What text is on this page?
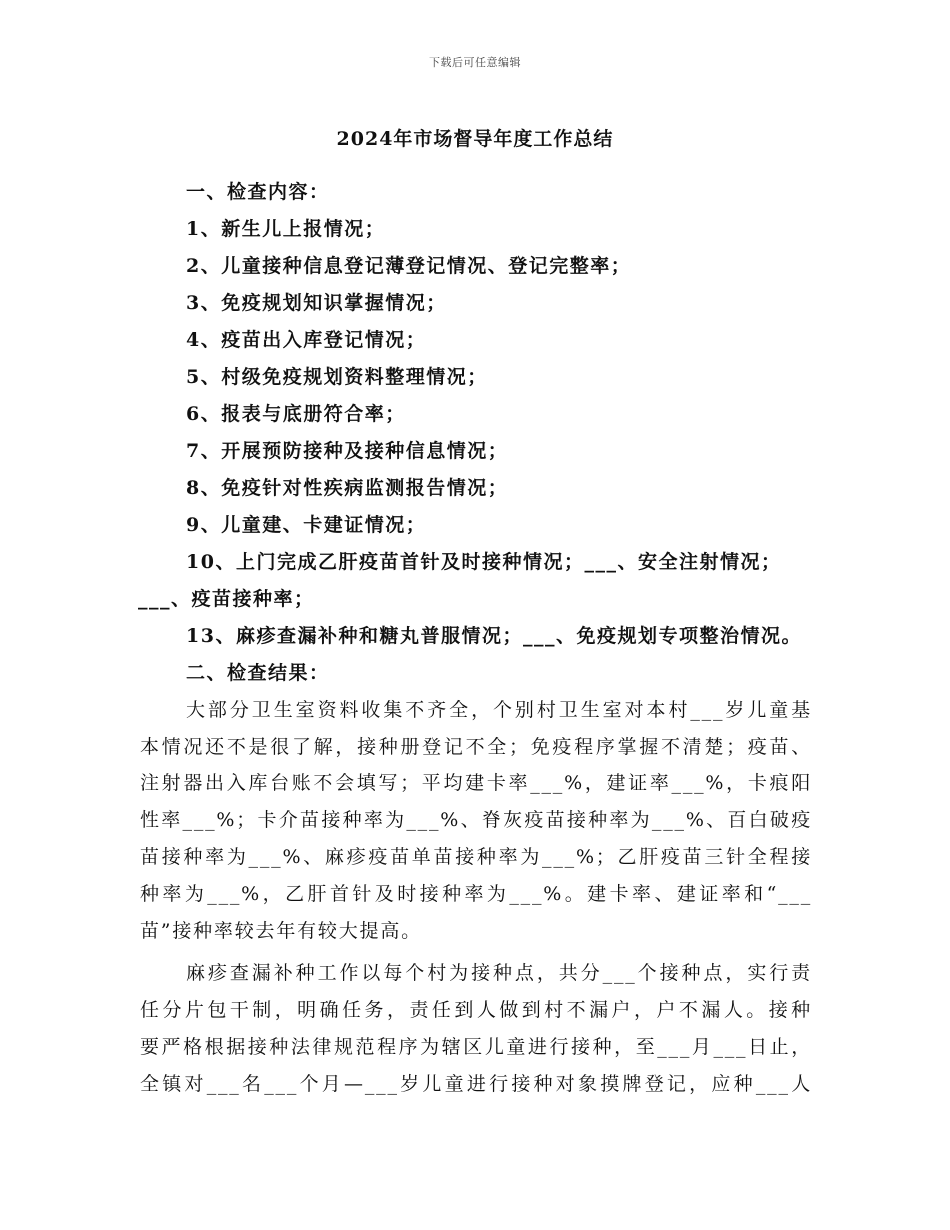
下载后可任意编辑
2024年市场督导年度工作总结
一、检查内容：
1、新生儿上报情况；
2、儿童接种信息登记薄登记情况、登记完整率；
3、免疫规划知识掌握情况；
4、疫苗出入库登记情况；
5、村级免疫规划资料整理情况；
6、报表与底册符合率；
7、开展预防接种及接种信息情况；
8、免疫针对性疾病监测报告情况；
9、儿童建、卡建证情况；
10、上门完成乙肝疫苗首针及时接种情况；___、安全注射情况；
___、疫苗接种率；
13、麻疹查漏补种和糖丸普服情况；___、免疫规划专项整治情况。
二、检查结果：
大部分卫生室资料收集不齐全，个别村卫生室对本村___岁儿童基
本情况还不是很了解，接种册登记不全；免疫程序掌握不清楚；疫苗、
注射器出入库台账不会填写；平均建卡率___%，建证率___%，卡痕阳
性率___%；卡介苗接种率为___%、脊灰疫苗接种率为___%、百白破疫
苗接种率为___%、麻疹疫苗单苗接种率为___%；乙肝疫苗三针全程接
种率为___%，乙肝首针及时接种率为___%。建卡率、建证率和“___
苗”接种率较去年有较大提高。
麻疹查漏补种工作以每个村为接种点，共分___个接种点，实行责
任分片包干制，明确任务，责任到人做到村不漏户，户不漏人。接种
要严格根据接种法律规范程序为辖区儿童进行接种，至___月___日止，
全镇对___名___个月—___岁儿童进行接种对象摸牌登记，应种___人
